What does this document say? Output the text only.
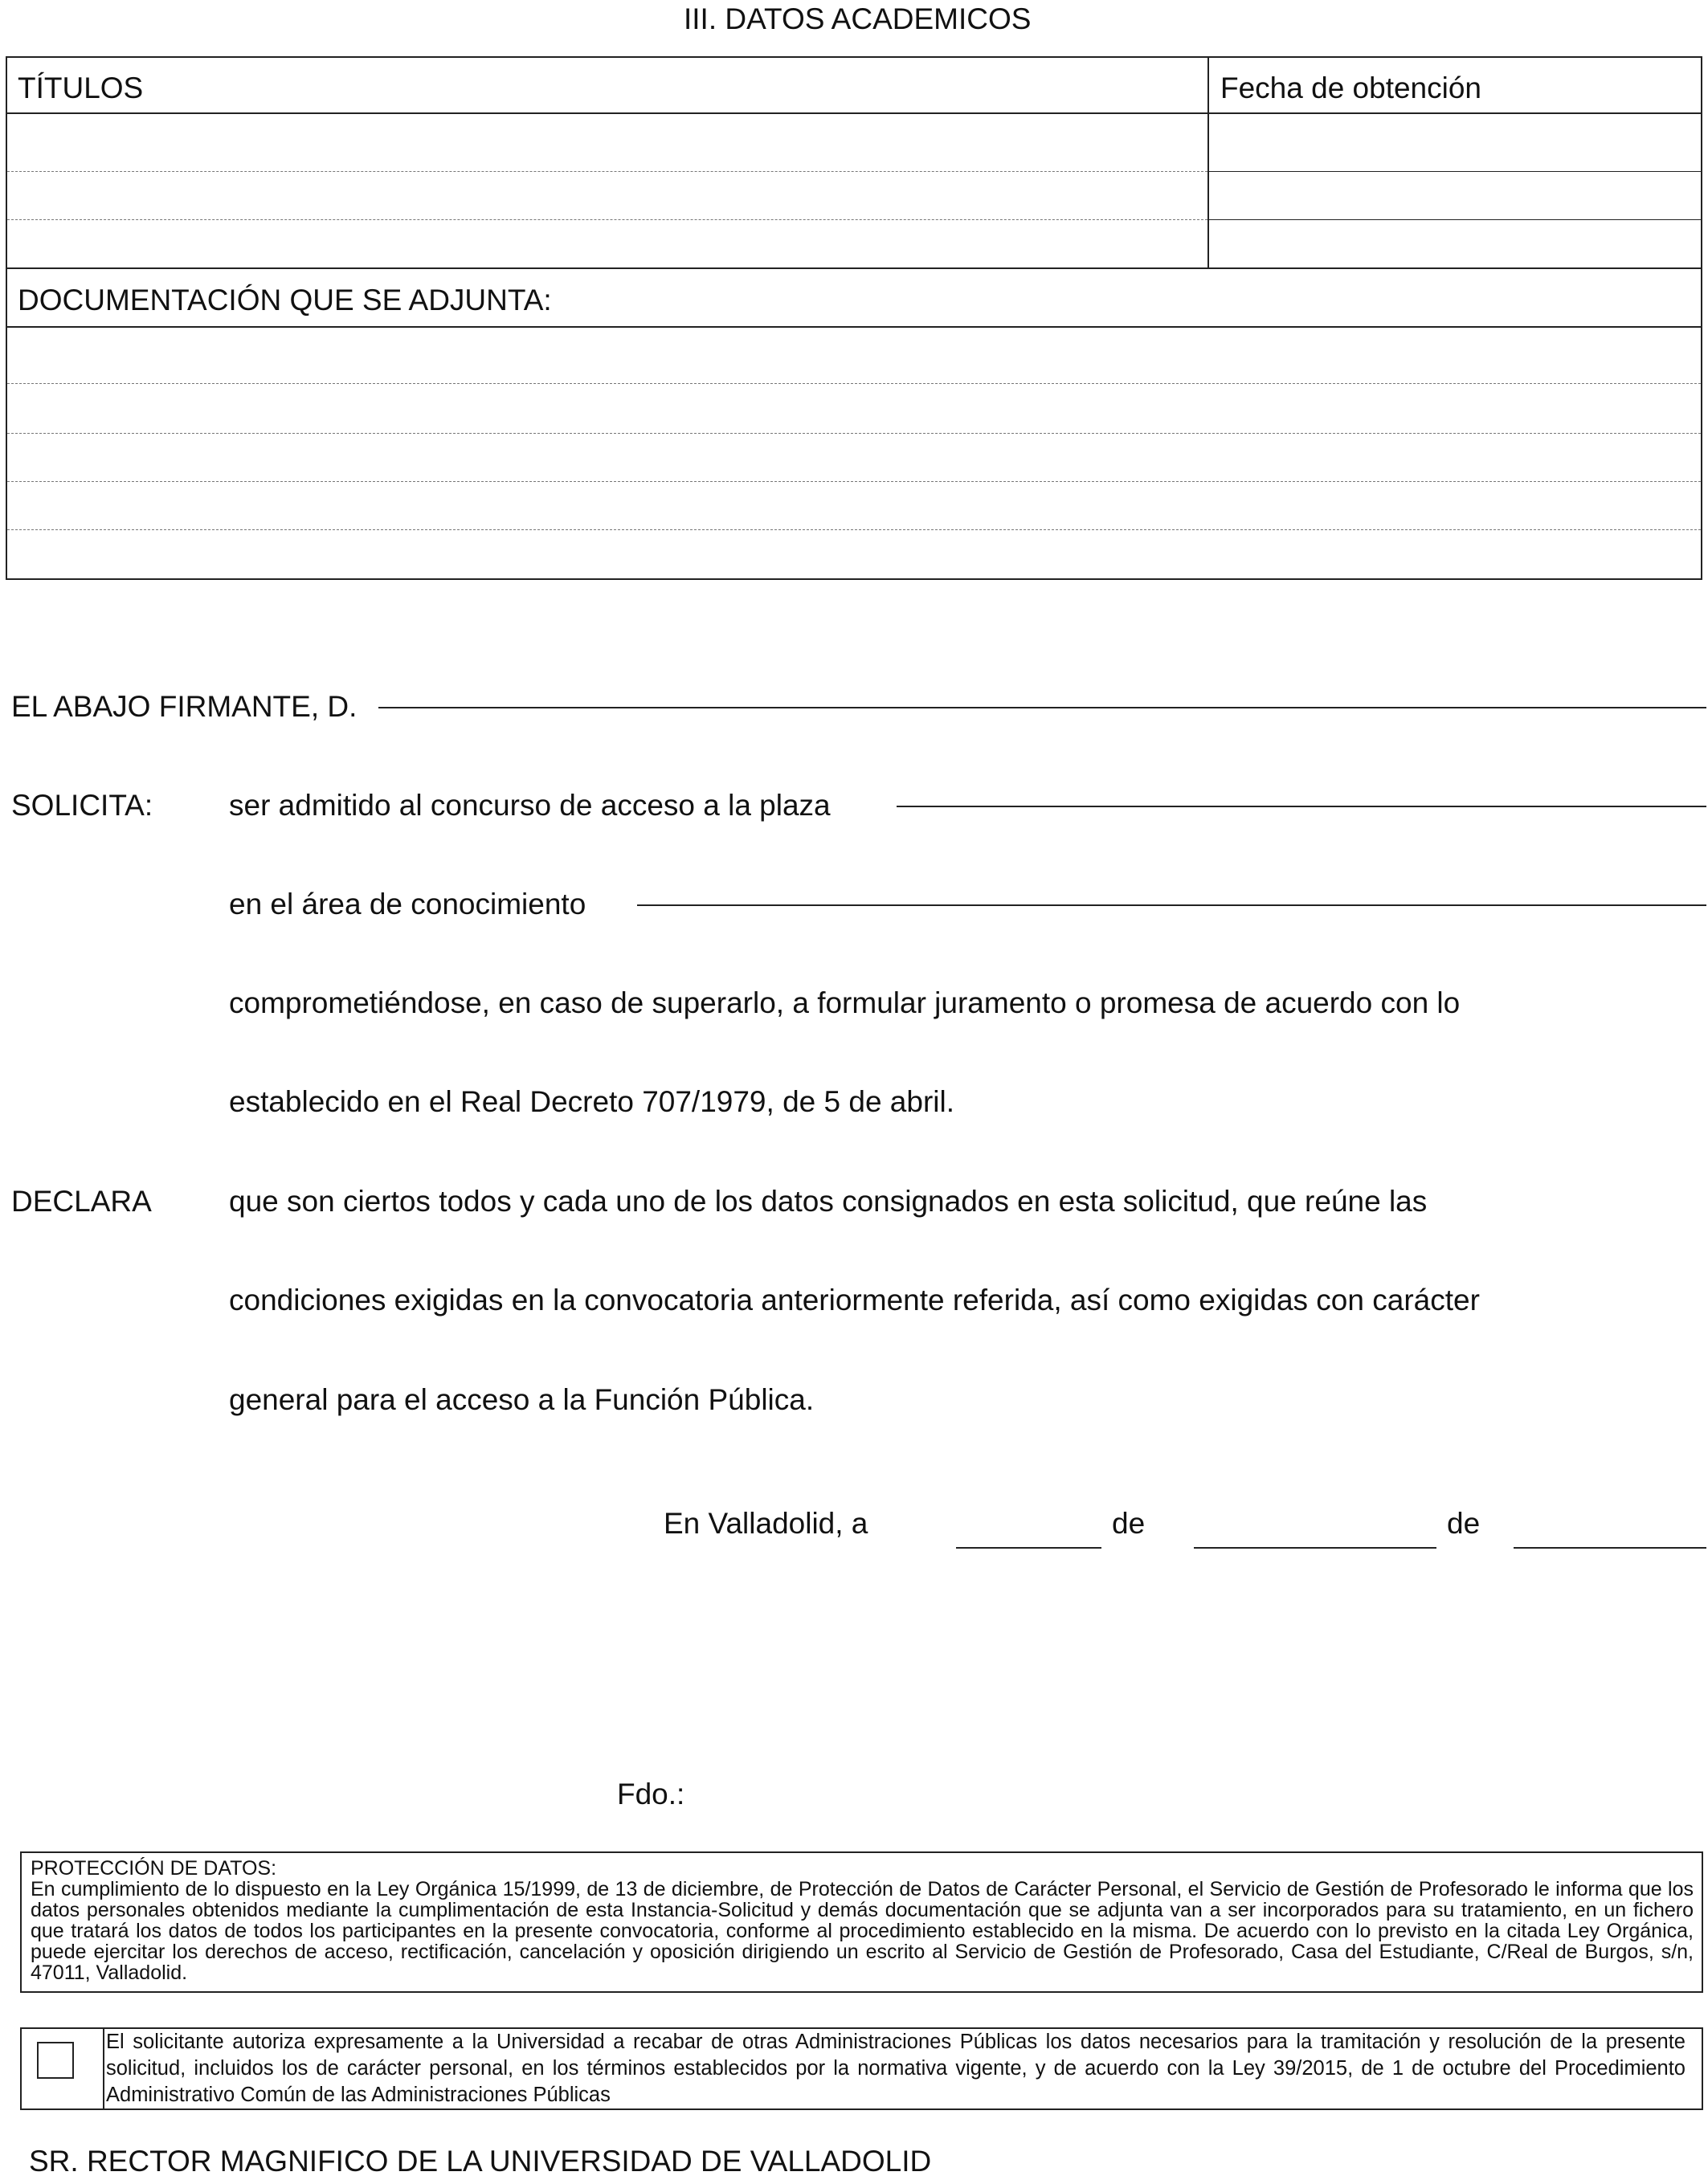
III. DATOS ACADEMICOS
TÍTULOS	Fecha de obtención
DOCUMENTACIÓN QUE SE ADJUNTA:
EL ABAJO FIRMANTE, D.
SOLICITA:	ser admitido al concurso de acceso a la plaza
en el área de conocimiento
comprometiéndose, en caso de superarlo, a formular juramento o promesa de acuerdo con lo
establecido en el Real Decreto 707/1979, de 5 de abril.
DECLARA	que son ciertos todos y cada uno de los datos consignados en esta solicitud, que reúne las
condiciones exigidas en la convocatoria anteriormente referida, así como exigidas con carácter
general para el acceso a la Función Pública.
En Valladolid, a	de	de
Fdo.:
PROTECCIÓN DE DATOS:
En cumplimiento de lo dispuesto en la Ley Orgánica 15/1999, de 13 de diciembre, de Protección de Datos de Carácter Personal, el Servicio de Gestión de Profesorado le informa que los datos personales obtenidos mediante la cumplimentación de esta Instancia-Solicitud y demás documentación que se adjunta van a ser incorporados para su tratamiento, en un fichero que tratará los datos de todos los participantes en la presente convocatoria, conforme al procedimiento establecido en la misma. De acuerdo con lo previsto en la citada Ley Orgánica, puede ejercitar los derechos de acceso, rectificación, cancelación y oposición dirigiendo un escrito al Servicio de Gestión de Profesorado, Casa del Estudiante, C/Real de Burgos, s/n, 47011, Valladolid.
El solicitante autoriza expresamente a la Universidad a recabar de otras Administraciones Públicas los datos necesarios para la tramitación y resolución de la presente solicitud, incluidos los de carácter personal, en los términos establecidos por la normativa vigente, y de acuerdo con la Ley 39/2015, de 1 de octubre del Procedimiento Administrativo Común de las Administraciones Públicas
SR. RECTOR MAGNIFICO DE LA UNIVERSIDAD DE VALLADOLID
